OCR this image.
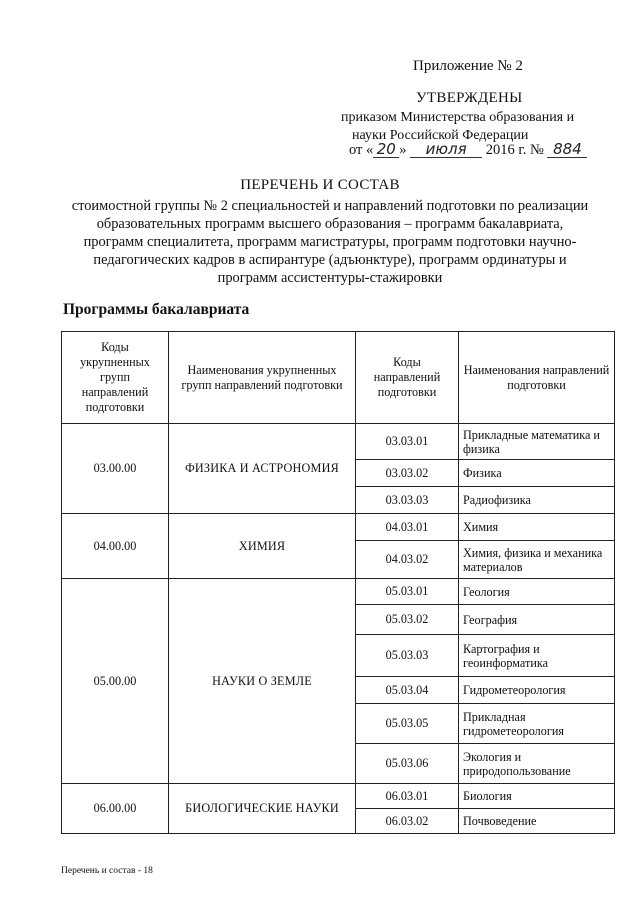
Приложение № 2
УТВЕРЖДЕНЫ
приказом Министерства образования и
науки Российской Федерации
от « 20 » июля 2016 г. № 884
ПЕРЕЧЕНЬ И СОСТАВ
стоимостной группы № 2 специальностей и направлений подготовки по реализации
образовательных программ высшего образования – программ бакалавриата,
программ специалитета, программ магистратуры, программ подготовки научно-
педагогических кадров в аспирантуре (адъюнктуре), программ ординатуры и
программ ассистентуры-стажировки
Программы бакалавриата
Коды укрупненных групп направлений подготовки	Наименования укрупненных групп направлений подготовки	Коды направлений подготовки	Наименования направлений подготовки
03.00.00	ФИЗИКА И АСТРОНОМИЯ	03.03.01	Прикладные математика и физика
		03.03.02	Физика
		03.03.03	Радиофизика
04.00.00	ХИМИЯ	04.03.01	Химия
		04.03.02	Химия, физика и механика материалов
05.00.00	НАУКИ О ЗЕМЛЕ	05.03.01	Геология
		05.03.02	География
		05.03.03	Картография и геоинформатика
		05.03.04	Гидрометеорология
		05.03.05	Прикладная гидрометеорология
		05.03.06	Экология и природопользование
06.00.00	БИОЛОГИЧЕСКИЕ НАУКИ	06.03.01	Биология
		06.03.02	Почвоведение
Перечень и состав - 18
